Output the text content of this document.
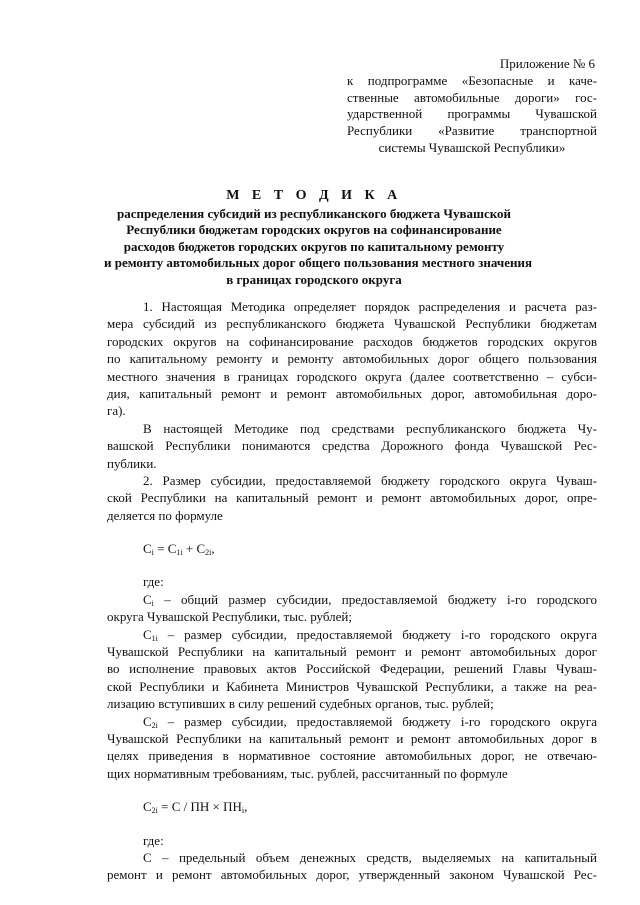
Приложение № 6
к подпрограмме «Безопасные и каче-
ственные автомобильные дороги» гос-
ударственной программы Чувашской
Республики «Развитие транспортной
системы Чувашской Республики»
М Е Т О Д И К А
распределения субсидий из республиканского бюджета Чувашской
Республики бюджетам городских округов на софинансирование
расходов бюджетов городских округов по капитальному ремонту
и ремонту автомобильных дорог общего пользования местного значения
в границах городского округа
1. Настоящая Методика определяет порядок распределения и расчета раз-
мера субсидий из республиканского бюджета Чувашской Республики бюджетам
городских округов на софинансирование расходов бюджетов городских округов
по капитальному ремонту и ремонту автомобильных дорог общего пользования
местного значения в границах городского округа (далее соответственно – субси-
дия, капитальный ремонт и ремонт автомобильных дорог, автомобильная доро-
га).
В настоящей Методике под средствами республиканского бюджета Чу-
вашской Республики понимаются средства Дорожного фонда Чувашской Рес-
публики.
2. Размер субсидии, предоставляемой бюджету городского округа Чуваш-
ской Республики на капитальный ремонт и ремонт автомобильных дорог, опре-
деляется по формуле
$C_i = C_{1i} + C_{2i}$,
где:
$C_i$ – общий размер субсидии, предоставляемой бюджету i-го городского
округа Чувашской Республики, тыс. рублей;
$C_{1i}$ – размер субсидии, предоставляемой бюджету i-го городского округа
Чувашской Республики на капитальный ремонт и ремонт автомобильных дорог
во исполнение правовых актов Российской Федерации, решений Главы Чуваш-
ской Республики и Кабинета Министров Чувашской Республики, а также на реа-
лизацию вступивших в силу решений судебных органов, тыс. рублей;
$C_{2i}$ – размер субсидии, предоставляемой бюджету i-го городского округа
Чувашской Республики на капитальный ремонт и ремонт автомобильных дорог в
целях приведения в нормативное состояние автомобильных дорог, не отвечаю-
щих нормативным требованиям, тыс. рублей, рассчитанный по формуле
$C_{2i} = C$ / ПН × $ПН_i$,
где:
С – предельный объем денежных средств, выделяемых на капитальный
ремонт и ремонт автомобильных дорог, утвержденный законом Чувашской Рес-
